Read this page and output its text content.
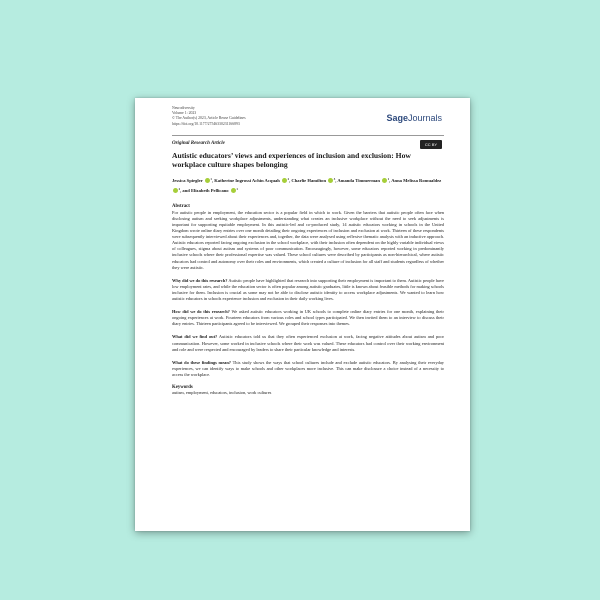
Neurodiversity
Volume 1: 2023
© The Author(s) 2023, Article Reuse Guidelines
https://doi.org/10.1177/27546330231166893
SageJournals
CC BY
Original Research Article
Autistic educators’ views and experiences of inclusion and exclusion: How workplace culture shapes belonging
Jessica Spiegler	$^1$, Katherine Ingrossi Achin Acquah	$^2$, Charlie Hamilton	$^3$, Amanda Timmerman	$^1$, Anna Melissa Romualdez $^2$, and Elizabeth Pellicano	$^1$
Abstract
For autistic people in employment, the education sector is a popular field in which to work. Given the barriers that autistic people often face when disclosing autism and seeking workplace adjustments, understanding what creates an inclusive workplace without the need to seek adjustments is important for supporting equitable employment. In this autistic-led and co-produced study, 14 autistic educators working in schools in the United Kingdom wrote online diary entries over one month detailing their ongoing experiences of inclusion and exclusion at work. Thirteen of these respondents were subsequently interviewed about their experiences and, together, the data were analysed using reflexive thematic analysis with an inductive approach. Autistic educators reported facing ongoing exclusion in the school workplace, with their inclusion often dependent on the highly variable individual views of colleagues, stigma about autism and systems of poor communication. Encouragingly, however, some educators reported working in predominantly inclusive schools where their professional expertise was valued. These school cultures were described by participants as non-hierarchical, where autistic educators had control and autonomy over their roles and environments, which created a culture of inclusion for all staff and students regardless of whether they were autistic.
Why did we do this research? Autistic people have highlighted that research into supporting their employment is important to them. Autistic people have low employment rates, and while the education sector is often popular among autistic graduates, little is known about feasible methods for making schools inclusive for them. Inclusion is crucial as some may not be able to disclose autistic identity to access workplace adjustments. We wanted to learn how autistic educators in schools experience inclusion and exclusion in their daily working lives.
How did we do this research? We asked autistic educators working in UK schools to complete online diary entries for one month, explaining their ongoing experiences at work. Fourteen educators from various roles and school types participated. We then invited them to an interview to discuss their diary entries. Thirteen participants agreed to be interviewed. We grouped their responses into themes.
What did we find out? Autistic educators told us that they often experienced exclusion at work, facing negative attitudes about autism and poor communication. However, some worked in inclusive schools where their work was valued. These educators had control over their working environment and role and were respected and encouraged by leaders to share their particular knowledge and interests.
What do these findings mean? This study shows the ways that school cultures include and exclude autistic educators. By analysing their everyday experiences, we can identify ways to make schools and other workplaces more inclusive. This can make disclosure a choice instead of a necessity to access the workplace.
Keywords
autism, employment, educators, inclusion, work cultures
